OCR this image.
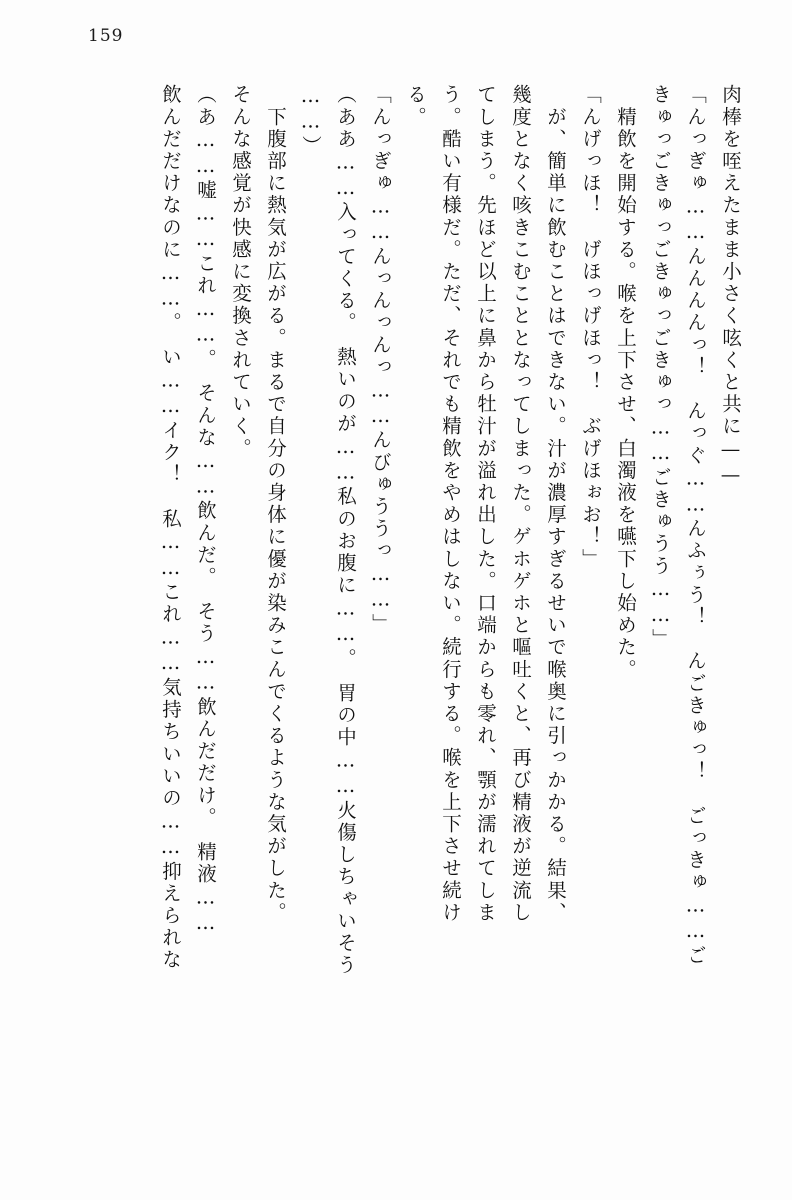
159
肉棒を咥えたまま小さく呟くと共に——
「んっぎゅ……んんんんっ！　んっぐ……んふぅう！　んごきゅっ！　ごっきゅ……ご
きゅっごきゅっごきゅっごきゅっ……ごきゅうう……」
　精飲を開始する。喉を上下させ、白濁液を嚥下し始めた。
「んげっほ！　げほっげほっ！　ぶげほぉお！」
　が、簡単に飲むことはできない。汁が濃厚すぎるせいで喉奥に引っかかる。結果、
幾度となく咳きこむこととなってしまった。ゲホゲホと嘔吐くと、再び精液が逆流し
てしまう。先ほど以上に鼻から牡汁が溢れ出した。口端からも零れ、顎が濡れてしま
う。酷い有様だ。ただ、それでも精飲をやめはしない。続行する。喉を上下させ続け
る。
「んっぎゅ……んっんっんっ……んびゅううっ……」
（ああ……入ってくる。　熱いのが……私のお腹に……。　胃の中……火傷しちゃいそう
……）
　下腹部に熱気が広がる。まるで自分の身体に優が染みこんでくるような気がした。
そんな感覚が快感に変換されていく。
（あ……嘘……これ……。　そんな……飲んだ。　そう……飲んだだけ。　精液……
飲んだだけなのに……。　い……イク！　私……これ……気持ちいいの……抑えられな
